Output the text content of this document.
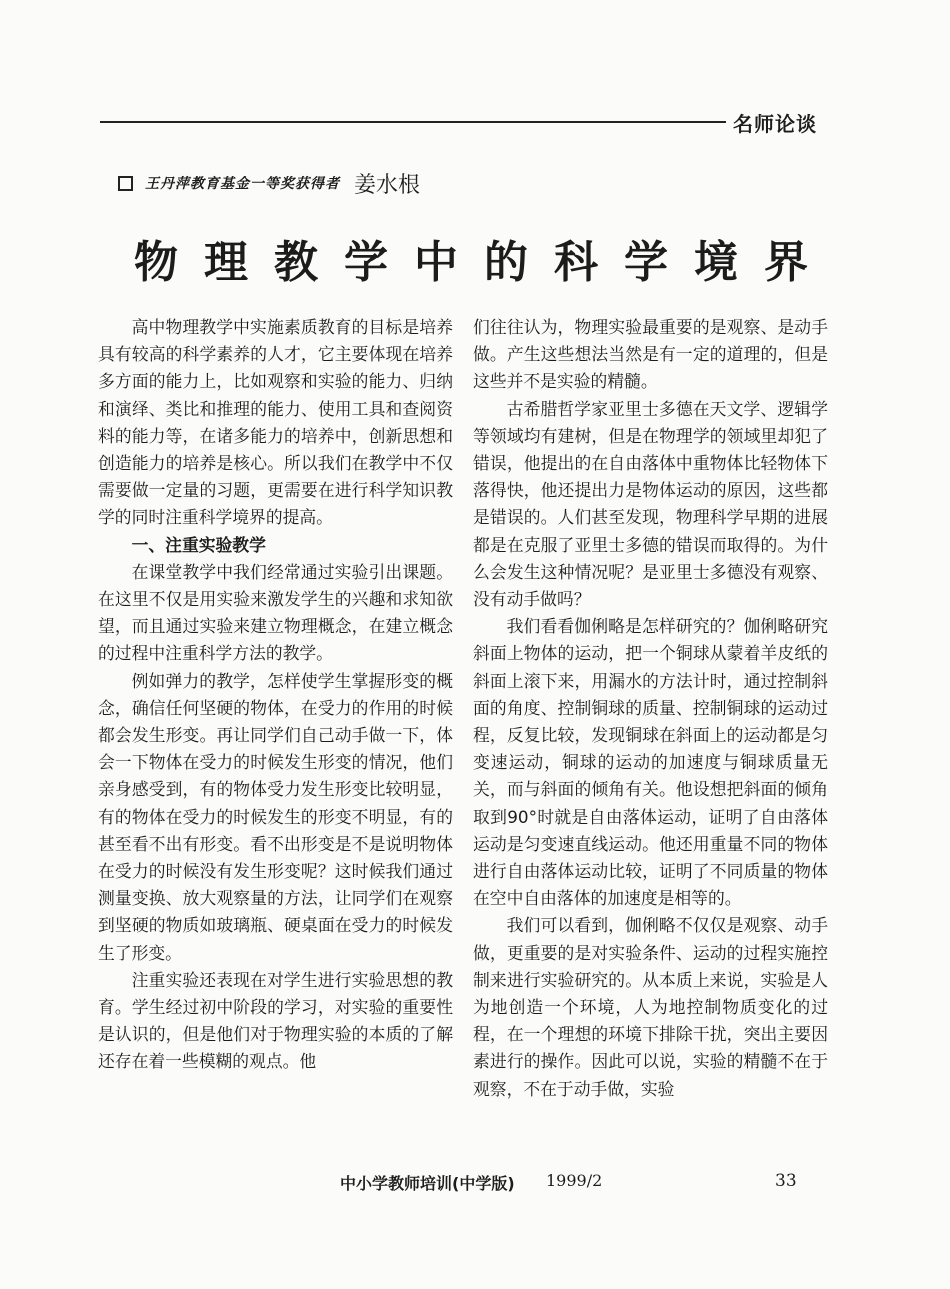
名师论谈
王丹萍教育基金一等奖获得者 姜水根
物理教学中的科学境界

高中物理教学中实施素质教育的目标是培养具有较高的科学素养的人才，它主要体现在培养多方面的能力上，比如观察和实验的能力、归纳和演绎、类比和推理的能力、使用工具和查阅资料的能力等，在诸多能力的培养中，创新思想和创造能力的培养是核心。所以我们在教学中不仅需要做一定量的习题，更需要在进行科学知识教学的同时注重科学境界的提高。

一、注重实验教学

在课堂教学中我们经常通过实验引出课题。在这里不仅是用实验来激发学生的兴趣和求知欲望，而且通过实验来建立物理概念，在建立概念的过程中注重科学方法的教学。

例如弹力的教学，怎样使学生掌握形变的概念，确信任何坚硬的物体，在受力的作用的时候都会发生形变。再让同学们自己动手做一下，体会一下物体在受力的时候发生形变的情况，他们亲身感受到，有的物体受力发生形变比较明显，有的物体在受力的时候发生的形变不明显，有的甚至看不出有形变。看不出形变是不是说明物体在受力的时候没有发生形变呢？这时候我们通过测量变换、放大观察量的方法，让同学们在观察到坚硬的物质如玻璃瓶、硬桌面在受力的时候发生了形变。

注重实验还表现在对学生进行实验思想的教育。学生经过初中阶段的学习，对实验的重要性是认识的，但是他们对于物理实验的本质的了解还存在着一些模糊的观点。他

们往往认为，物理实验最重要的是观察、是动手做。产生这些想法当然是有一定的道理的，但是这些并不是实验的精髓。

古希腊哲学家亚里士多德在天文学、逻辑学等领域均有建树，但是在物理学的领域里却犯了错误，他提出的在自由落体中重物体比轻物体下落得快，他还提出力是物体运动的原因，这些都是错误的。人们甚至发现，物理科学早期的进展都是在克服了亚里士多德的错误而取得的。为什么会发生这种情况呢？是亚里士多德没有观察、没有动手做吗？

我们看看伽俐略是怎样研究的？伽俐略研究斜面上物体的运动，把一个铜球从蒙着羊皮纸的斜面上滚下来，用漏水的方法计时，通过控制斜面的角度、控制铜球的质量、控制铜球的运动过程，反复比较，发现铜球在斜面上的运动都是匀变速运动，铜球的运动的加速度与铜球质量无关，而与斜面的倾角有关。他设想把斜面的倾角取到90°时就是自由落体运动，证明了自由落体运动是匀变速直线运动。他还用重量不同的物体进行自由落体运动比较，证明了不同质量的物体在空中自由落体的加速度是相等的。

我们可以看到，伽俐略不仅仅是观察、动手做，更重要的是对实验条件、运动的过程实施控制来进行实验研究的。从本质上来说，实验是人为地创造一个环境，人为地控制物质变化的过程，在一个理想的环境下排除干扰，突出主要因素进行的操作。因此可以说，实验的精髓不在于观察，不在于动手做，实验

中小学教师培训(中学版) 1999/2	33
